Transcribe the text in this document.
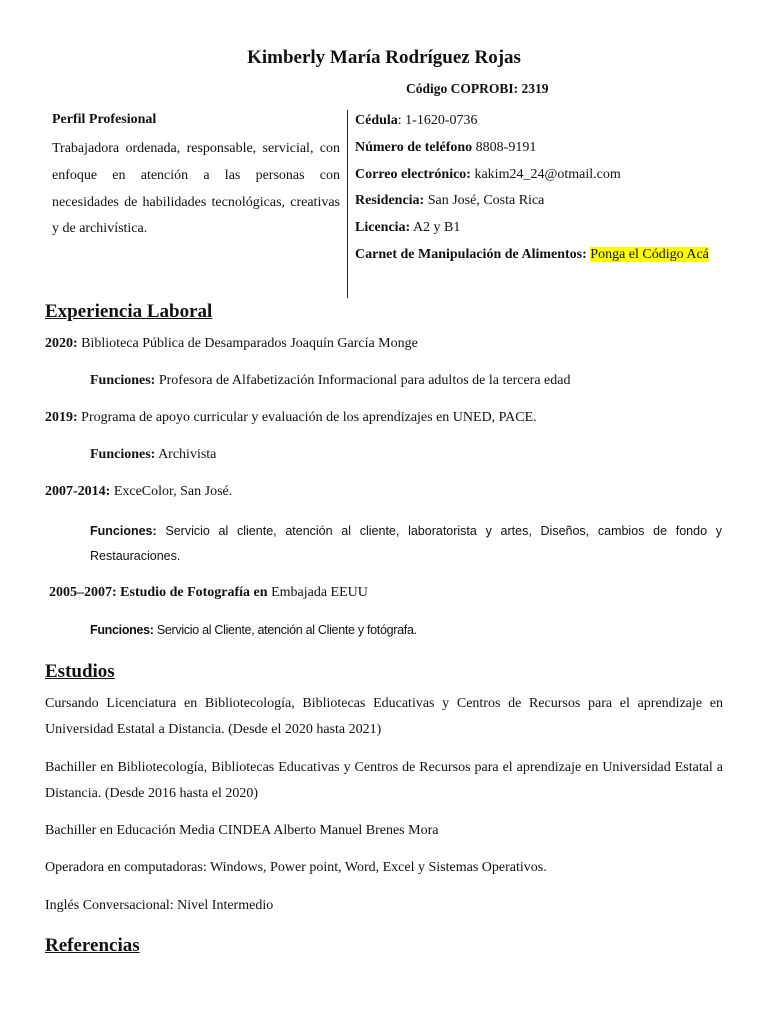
Kimberly María Rodríguez Rojas
Código COPROBI: 2319
Perfil Profesional
Trabajadora ordenada, responsable, servicial, con enfoque en atención a las personas con necesidades de habilidades tecnológicas, creativas y de archivística.
Cédula: 1-1620-0736
Número de teléfono 8808-9191
Correo electrónico: kakim24_24@otmail.com
Residencia: San José, Costa Rica
Licencia: A2 y B1
Carnet de Manipulación de Alimentos: Ponga el Código Acá
Experiencia Laboral
2020: Biblioteca Pública de Desamparados Joaquín García Monge
Funciones: Profesora de Alfabetización Informacional para adultos de la tercera edad
2019: Programa de apoyo curricular y evaluación de los aprendizajes en UNED, PACE.
Funciones: Archivista
2007-2014: ExceColor, San José.
Funciones: Servicio al cliente, atención al cliente, laboratorista y artes, Diseños, cambios de fondo y
Restauraciones.
2005–2007: Estudio de Fotografía en Embajada EEUU
Funciones: Servicio al Cliente, atención al Cliente y fotógrafa.
Estudios
Cursando Licenciatura en Bibliotecología, Bibliotecas Educativas y Centros de Recursos para el aprendizaje en Universidad Estatal a Distancia. (Desde el 2020 hasta 2021)
Bachiller en Bibliotecología, Bibliotecas Educativas y Centros de Recursos para el aprendizaje en Universidad Estatal a Distancia. (Desde 2016 hasta el 2020)
Bachiller en Educación Media CINDEA Alberto Manuel Brenes Mora
Operadora en computadoras: Windows, Power point, Word, Excel y Sistemas Operativos.
Inglés Conversacional: Nivel Intermedio
Referencias
